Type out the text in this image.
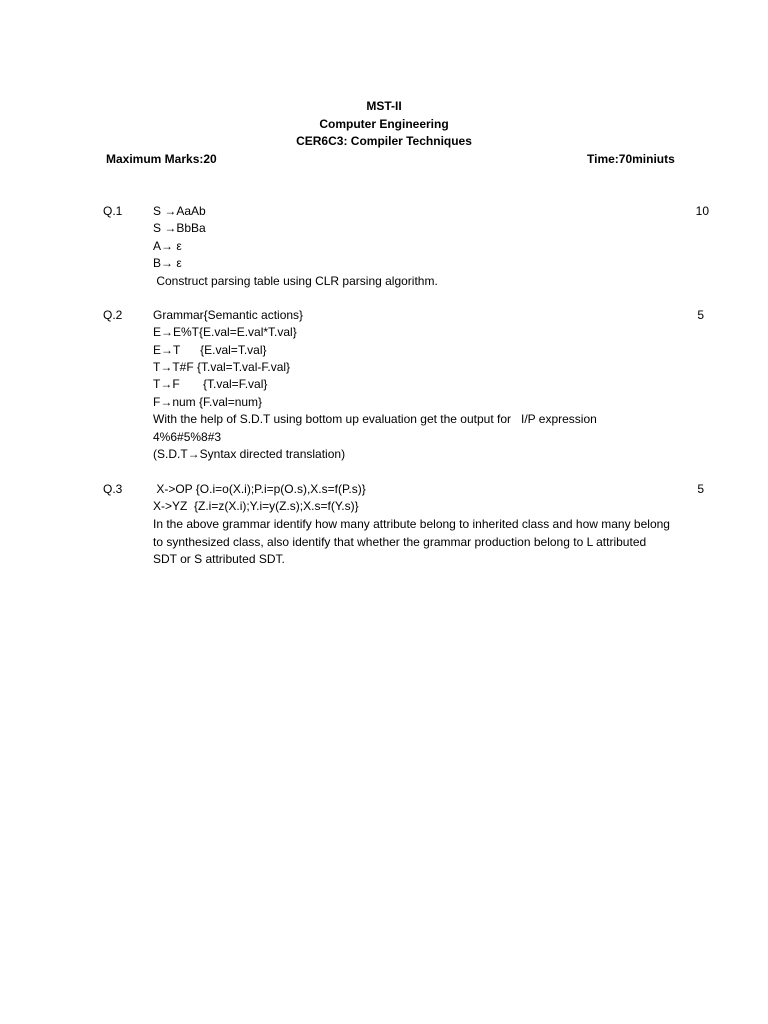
MST-II
Computer Engineering
CER6C3: Compiler Techniques
Maximum Marks:20	Time:70miniuts
Q.1	10
S →AaAb
S →BbBa
A→ ε
B→ ε
Construct parsing table using CLR parsing algorithm.
Q.2	5
Grammar{Semantic actions}
E→E%T{E.val=E.val*T.val}
E→T      {E.val=T.val}
T→T#F {T.val=T.val-F.val}
T→F       {T.val=F.val}
F→num {F.val=num}
With the help of S.D.T using bottom up evaluation get the output for   I/P expression
4%6#5%8#3
(S.D.T→Syntax directed translation)
Q.3	5
X->OP {O.i=o(X.i);P.i=p(O.s),X.s=f(P.s)}
X->YZ  {Z.i=z(X.i);Y.i=y(Z.s);X.s=f(Y.s)}
In the above grammar identify how many attribute belong to inherited class and how many belong to synthesized class, also identify that whether the grammar production belong to L attributed SDT or S attributed SDT.
